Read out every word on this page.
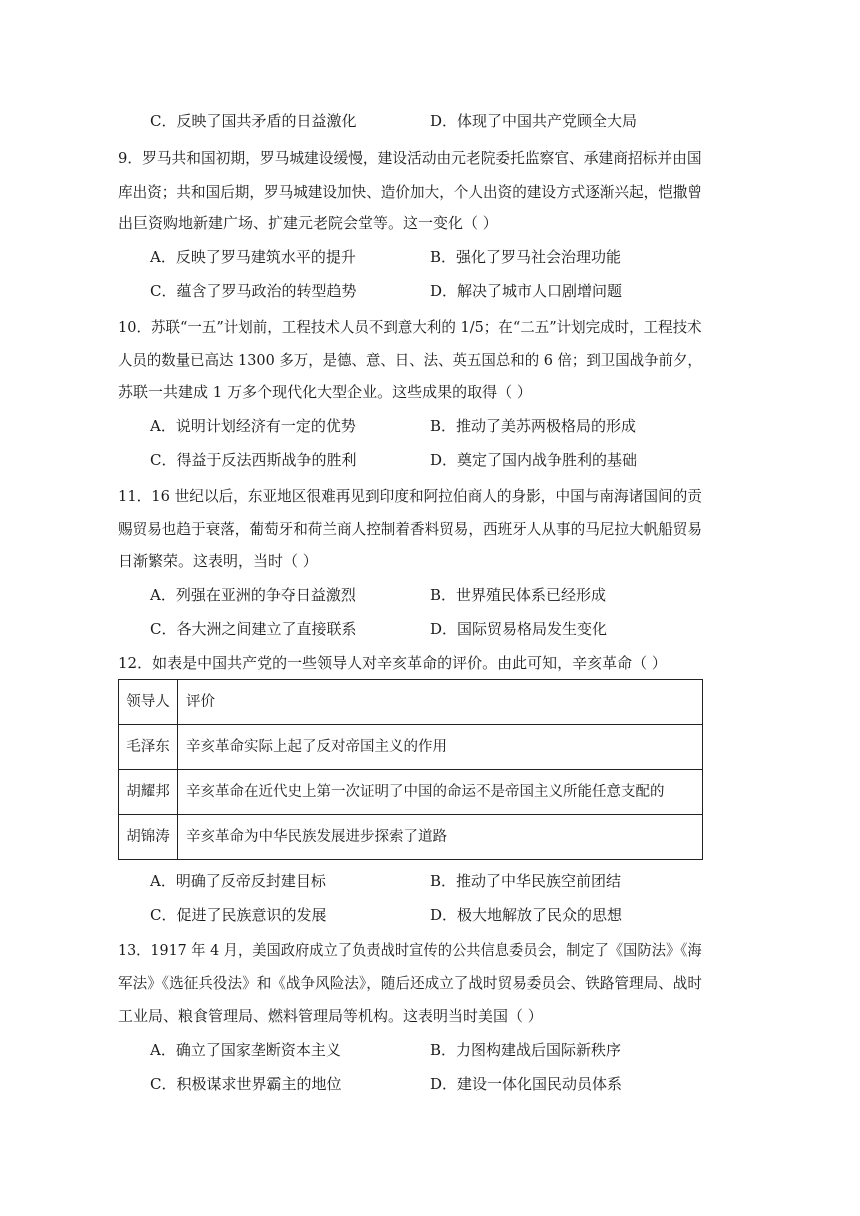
C．反映了国共矛盾的日益激化	D．体现了中国共产党顾全大局
9．罗马共和国初期，罗马城建设缓慢，建设活动由元老院委托监察官、承建商招标并由国
库出资；共和国后期，罗马城建设加快、造价加大，个人出资的建设方式逐渐兴起，恺撒曾
出巨资购地新建广场、扩建元老院会堂等。这一变化（ ）
A．反映了罗马建筑水平的提升	B．强化了罗马社会治理功能
C．蕴含了罗马政治的转型趋势	D．解决了城市人口剧增问题
10．苏联“一五”计划前，工程技术人员不到意大利的 1/5；在“二五”计划完成时，工程技术
人员的数量已高达 1300 多万，是德、意、日、法、英五国总和的 6 倍；到卫国战争前夕，
苏联一共建成 1 万多个现代化大型企业。这些成果的取得（ ）
A．说明计划经济有一定的优势	B．推动了美苏两极格局的形成
C．得益于反法西斯战争的胜利	D．奠定了国内战争胜利的基础
11．16 世纪以后，东亚地区很难再见到印度和阿拉伯商人的身影，中国与南海诸国间的贡
赐贸易也趋于衰落，葡萄牙和荷兰商人控制着香料贸易，西班牙人从事的马尼拉大帆船贸易
日渐繁荣。这表明，当时（ ）
A．列强在亚洲的争夺日益激烈	B．世界殖民体系已经形成
C．各大洲之间建立了直接联系	D．国际贸易格局发生变化
12．如表是中国共产党的一些领导人对辛亥革命的评价。由此可知，辛亥革命（ ）
领导人	评价
毛泽东	辛亥革命实际上起了反对帝国主义的作用
胡耀邦	辛亥革命在近代史上第一次证明了中国的命运不是帝国主义所能任意支配的
胡锦涛	辛亥革命为中华民族发展进步探索了道路
A．明确了反帝反封建目标	B．推动了中华民族空前团结
C．促进了民族意识的发展	D．极大地解放了民众的思想
13．1917 年 4 月，美国政府成立了负责战时宣传的公共信息委员会，制定了《国防法》《海
军法》《选征兵役法》和《战争风险法》，随后还成立了战时贸易委员会、铁路管理局、战时
工业局、粮食管理局、燃料管理局等机构。这表明当时美国（ ）
A．确立了国家垄断资本主义	B．力图构建战后国际新秩序
C．积极谋求世界霸主的地位	D．建设一体化国民动员体系
